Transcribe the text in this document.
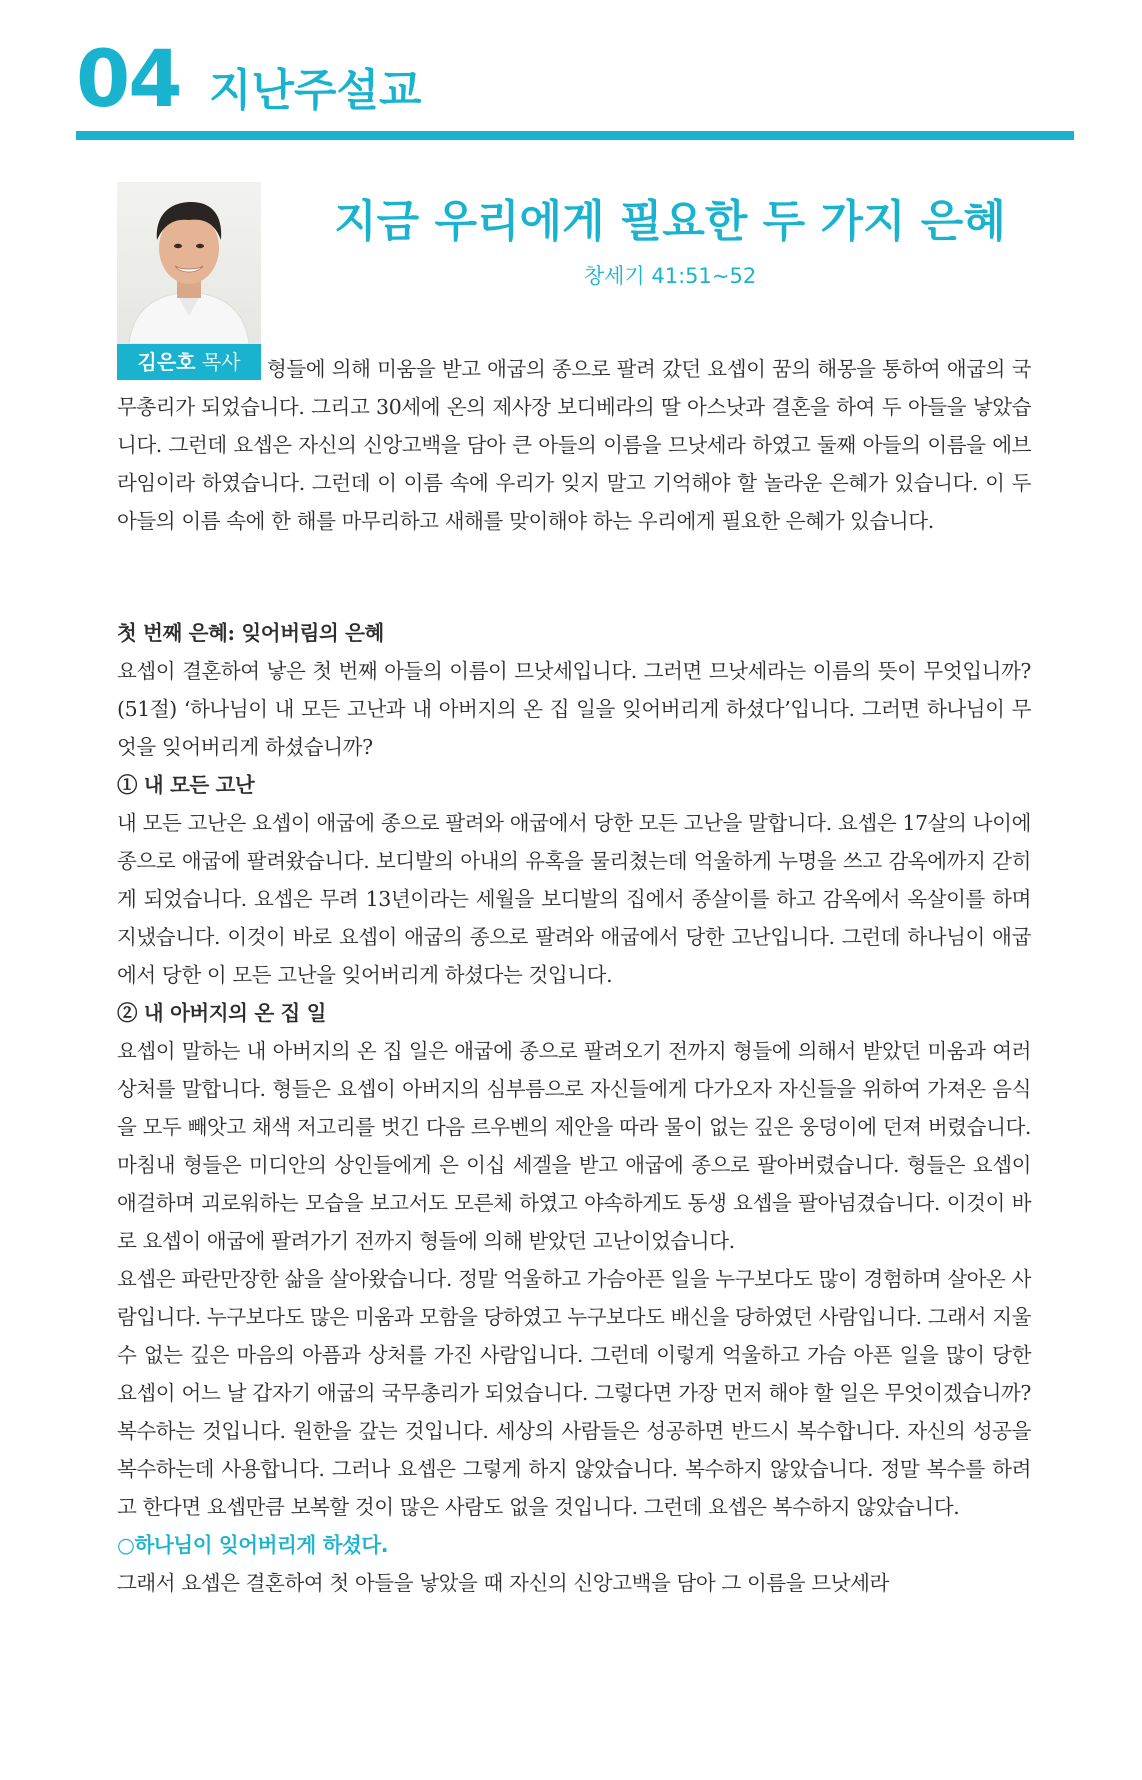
04 지난주설교
김은호 목사
지금 우리에게 필요한 두 가지 은혜
창세기 41:51~52

형들에 의해 미움을 받고 애굽의 종으로 팔려 갔던 요셉이 꿈의 해몽을 통하여 애굽의 국무총리가 되었습니다. 그리고 30세에 온의 제사장 보디베라의 딸 아스낫과 결혼을 하여 두 아들을 낳았습니다. 그런데 요셉은 자신의 신앙고백을 담아 큰 아들의 이름을 므낫세라 하였고 둘째 아들의 이름을 에브라임이라 하였습니다. 그런데 이 이름 속에 우리가 잊지 말고 기억해야 할 놀라운 은혜가 있습니다. 이 두 아들의 이름 속에 한 해를 마무리하고 새해를 맞이해야 하는 우리에게 필요한 은혜가 있습니다.

첫 번째 은혜: 잊어버림의 은혜

요셉이 결혼하여 낳은 첫 번째 아들의 이름이 므낫세입니다. 그러면 므낫세라는 이름의 뜻이 무엇입니까?(51절) ‘하나님이 내 모든 고난과 내 아버지의 온 집 일을 잊어버리게 하셨다’입니다. 그러면 하나님이 무엇을 잊어버리게 하셨습니까?

① 내 모든 고난

내 모든 고난은 요셉이 애굽에 종으로 팔려와 애굽에서 당한 모든 고난을 말합니다. 요셉은 17살의 나이에 종으로 애굽에 팔려왔습니다. 보디발의 아내의 유혹을 물리쳤는데 억울하게 누명을 쓰고 감옥에까지 갇히게 되었습니다. 요셉은 무려 13년이라는 세월을 보디발의 집에서 종살이를 하고 감옥에서 옥살이를 하며 지냈습니다. 이것이 바로 요셉이 애굽의 종으로 팔려와 애굽에서 당한 고난입니다. 그런데 하나님이 애굽에서 당한 이 모든 고난을 잊어버리게 하셨다는 것입니다.

② 내 아버지의 온 집 일

요셉이 말하는 내 아버지의 온 집 일은 애굽에 종으로 팔려오기 전까지 형들에 의해서 받았던 미움과 여러 상처를 말합니다. 형들은 요셉이 아버지의 심부름으로 자신들에게 다가오자 자신들을 위하여 가져온 음식을 모두 빼앗고 채색 저고리를 벗긴 다음 르우벤의 제안을 따라 물이 없는 깊은 웅덩이에 던져 버렸습니다. 마침내 형들은 미디안의 상인들에게 은 이십 세겔을 받고 애굽에 종으로 팔아버렸습니다. 형들은 요셉이 애걸하며 괴로워하는 모습을 보고서도 모른체 하였고 야속하게도 동생 요셉을 팔아넘겼습니다. 이것이 바로 요셉이 애굽에 팔려가기 전까지 형들에 의해 받았던 고난이었습니다.

요셉은 파란만장한 삶을 살아왔습니다. 정말 억울하고 가슴아픈 일을 누구보다도 많이 경험하며 살아온 사람입니다. 누구보다도 많은 미움과 모함을 당하였고 누구보다도 배신을 당하였던 사람입니다. 그래서 지울 수 없는 깊은 마음의 아픔과 상처를 가진 사람입니다. 그런데 이렇게 억울하고 가슴 아픈 일을 많이 당한 요셉이 어느 날 갑자기 애굽의 국무총리가 되었습니다. 그렇다면 가장 먼저 해야 할 일은 무엇이겠습니까? 복수하는 것입니다. 원한을 갚는 것입니다. 세상의 사람들은 성공하면 반드시 복수합니다. 자신의 성공을 복수하는데 사용합니다. 그러나 요셉은 그렇게 하지 않았습니다. 복수하지 않았습니다. 정말 복수를 하려고 한다면 요셉만큼 보복할 것이 많은 사람도 없을 것입니다. 그런데 요셉은 복수하지 않았습니다.

○하나님이 잊어버리게 하셨다.

그래서 요셉은 결혼하여 첫 아들을 낳았을 때 자신의 신앙고백을 담아 그 이름을 므낫세라
